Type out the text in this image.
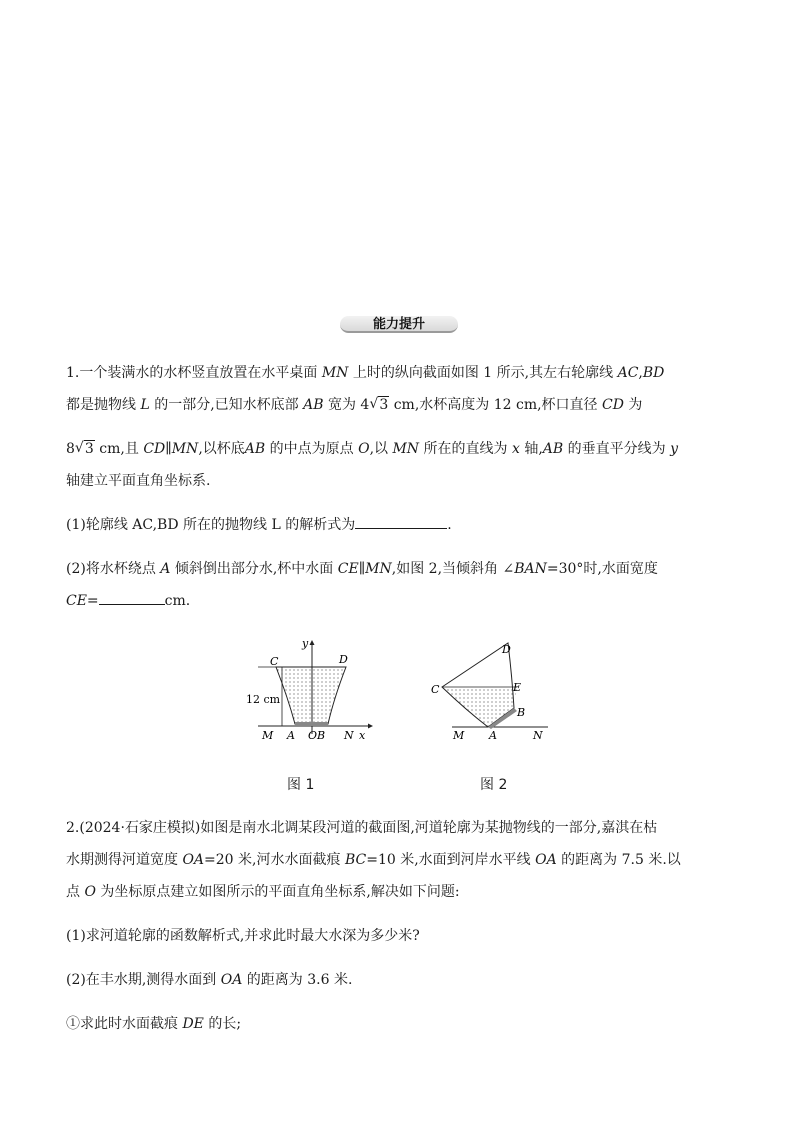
能力提升
1.一个装满水的水杯竖直放置在水平桌面 MN 上时的纵向截面如图 1 所示,其左右轮廓线 AC,BD
都是抛物线 L 的一部分,已知水杯底部 AB 宽为 4 √ 3 cm,水杯高度为 12 cm,杯口直径 CD 为
8 √ 3 cm,且 CD∥MN,以杯底AB 的中点为原点 O,以 MN 所在的直线为 x 轴,AB 的垂直平分线为 y
轴建立平面直角坐标系.
(1)轮廓线 AC,BD 所在的抛物线 L 的解析式为	.
(2)将水杯绕点 A 倾斜倒出部分水,杯中水面 CE∥MN,如图 2,当倾斜角 ∠BAN=30°时,水面宽度
CE=	cm.
C	D
y
12 cm
M A OB N x
图 1
D
C	E
B
M A	N
图 2
2.(2024·石家庄模拟)如图是南水北调某段河道的截面图,河道轮廓为某抛物线的一部分,嘉淇在枯
水期测得河道宽度 OA=20 米,河水水面截痕 BC=10 米,水面到河岸水平线 OA 的距离为 7.5 米.以
点 O 为坐标原点建立如图所示的平面直角坐标系,解决如下问题:
(1)求河道轮廓的函数解析式,并求此时最大水深为多少米?
(2)在丰水期,测得水面到 OA 的距离为 3.6 米.
①求此时水面截痕 DE 的长;
